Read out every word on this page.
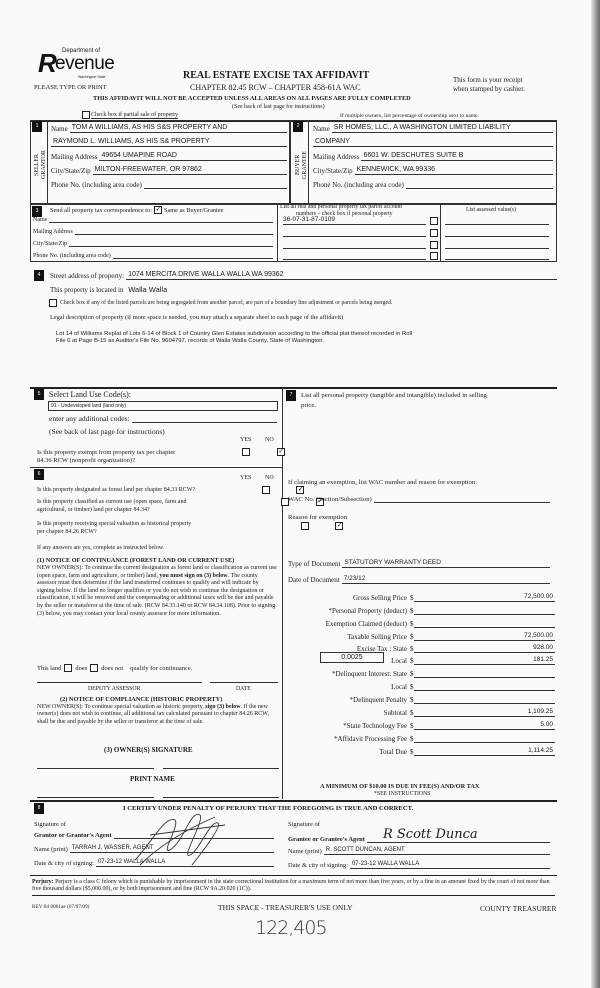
R Department of
evenue
Washington State
PLEASE TYPE OR PRINT
REAL ESTATE EXCISE TAX AFFIDAVIT
CHAPTER 82.45 RCW – CHAPTER 458-61A WAC
This form is your receipt
when stamped by cashier.
THIS AFFIDAVIT WILL NOT BE ACCEPTED UNLESS ALL AREAS ON ALL PAGES ARE FULLY COMPLETED
(See back of last page for instructions)
Check box if partial sale of property	If multiple owners, list percentage of ownership next to name.
1
SELLER
GRANTOR
Name TOM A WILLIAMS, AS HIS S&S PROPERTY AND
RAYMOND L. WILLIAMS, AS HIS S& PROPERTY
Mailing Address 49654 UMAPINE ROAD
City/State/Zip MILTON-FREEWATER, OR 97862
Phone No. (including area code)
2
BUYER
GRANTEE
Name SR HOMES, LLC., A WASHINGTON LIMITED LIABILITY
COMPANY
Mailing Address 6601 W. DESCHUTES SUITE B
City/State/Zip KENNEWICK, WA 99336
Phone No. (including area code)
3	Send all property tax correspondence to: ✓ Same as Buyer/Grantee
Name
Mailing Address
City/State/Zip
Phone No. (including area code)
List all real and personal property tax parcel account
numbers – check box if personal property
List assessed value(s)
36-07-31-87-0109
4	Street address of property: 1074 MERCITA DRIVE WALLA WALLA WA 99362
This property is located in Walla Walla
Check box if any of the listed parcels are being segregated from another parcel, are part of a boundary line adjustment or parcels being merged.
Legal description of property (if more space is needed, you may attach a separate sheet to each page of the affidavit)
Lot 14 of Williams Replat of Lots 6-14 of Block 1 of Country Glen Estates subdivision according to the official plat thereof recorded in Roll
File 6 at Page B-15 as Auditor's File No. 9604797, records of Walla Walla County, State of Washington.
5	Select Land Use Code(s):
91 - Undeveloped land (land only)
enter any additional codes:
(See back of last page for instructions)
YES NO
Is this property exempt from property tax per chapter
84.36 RCW (nonprofit organization)?
✓
6
YES NO
Is this property designated as forest land per chapter 84.33 RCW?
✓
Is this property classified as current use (open space, farm and
agricultural, or timber) land per chapter 84.34?
✓
Is this property receiving special valuation as historical property
per chapter 84.26 RCW?
✓
If any answers are yes, complete as instructed below.
(1) NOTICE OF CONTINUANCE (FOREST LAND OR CURRENT USE)
NEW OWNER(S): To continue the current designation as forest land or classification as current use (open space, farm and agriculture, or timber) land, you must sign on (3) below. The county assessor must then determine if the land transferred continues to qualify and will indicate by signing below. If the land no longer qualifies or you do not wish to continue the designation or classification, it will be removed and the compensating or additional taxes will be due and payable by the seller or transferor at the time of sale. (RCW 84.33.140 or RCW 84.34.108). Prior to signing (3) below, you may contact your local county assessor for more information.
This land does does not qualify for continuance.
DEPUTY ASSESSOR	DATE
(2) NOTICE OF COMPLIANCE (HISTORIC PROPERTY)
NEW OWNER(S): To continue special valuation as historic property, sign (3) below. If the new owner(s) does not wish to continue, all additional tax calculated pursuant to chapter 84.26 RCW, shall be due and payable by the seller or transferor at the time of sale.
(3) OWNER(S) SIGNATURE
PRINT NAME
7	List all personal property (tangible and intangible) included in selling
price.
If claiming an exemption, list WAC number and reason for exemption:
WAC No. (Section/Subsection)
Reason for exemption
Type of Document STATUTORY WARRANTY DEED
Date of Document 7/23/12
Gross Selling Price $	72,500.00
*Personal Property (deduct) $
Exemption Claimed (deduct) $
Taxable Selling Price $	72,500.00
Excise Tax : State $	928.00
0.0025	Local $	181.25
*Delinquent Interest: State $
Local $
*Delinquent Penalty $
Subtotal $	1,109.25
*State Technology Fee $	5.00
*Affidavit Processing Fee $
Total Due $	1,114.25
A MINIMUM OF $10.00 IS DUE IN FEE(S) AND/OR TAX
*SEE INSTRUCTIONS
8	I CERTIFY UNDER PENALTY OF PERJURY THAT THE FOREGOING IS TRUE AND CORRECT.
Signature of
Grantor or Grantor's Agent
Name (print) TARRAH J. WASSER, AGENT
Date & city of signing: 07-23-12 WALLA WALLA
Signature of
Grantee or Grantee's Agent	R Scott Dunca
Name (print) R. SCOTT DUNCAN, AGENT
Date & city of signing: 07-23-12 WALLA WALLA
Perjury: Perjury is a class C felony which is punishable by imprisonment in the state correctional institution for a maximum term of not more than five years, or by a fine in an amount fixed by the court of not more than five thousand dollars ($5,000.00), or by both imprisonment and fine (RCW 9A.20.020 (1C)).
REV 84 0001ae (07/07/09)	THIS SPACE - TREASURER'S USE ONLY	COUNTY TREASURER
122,405
